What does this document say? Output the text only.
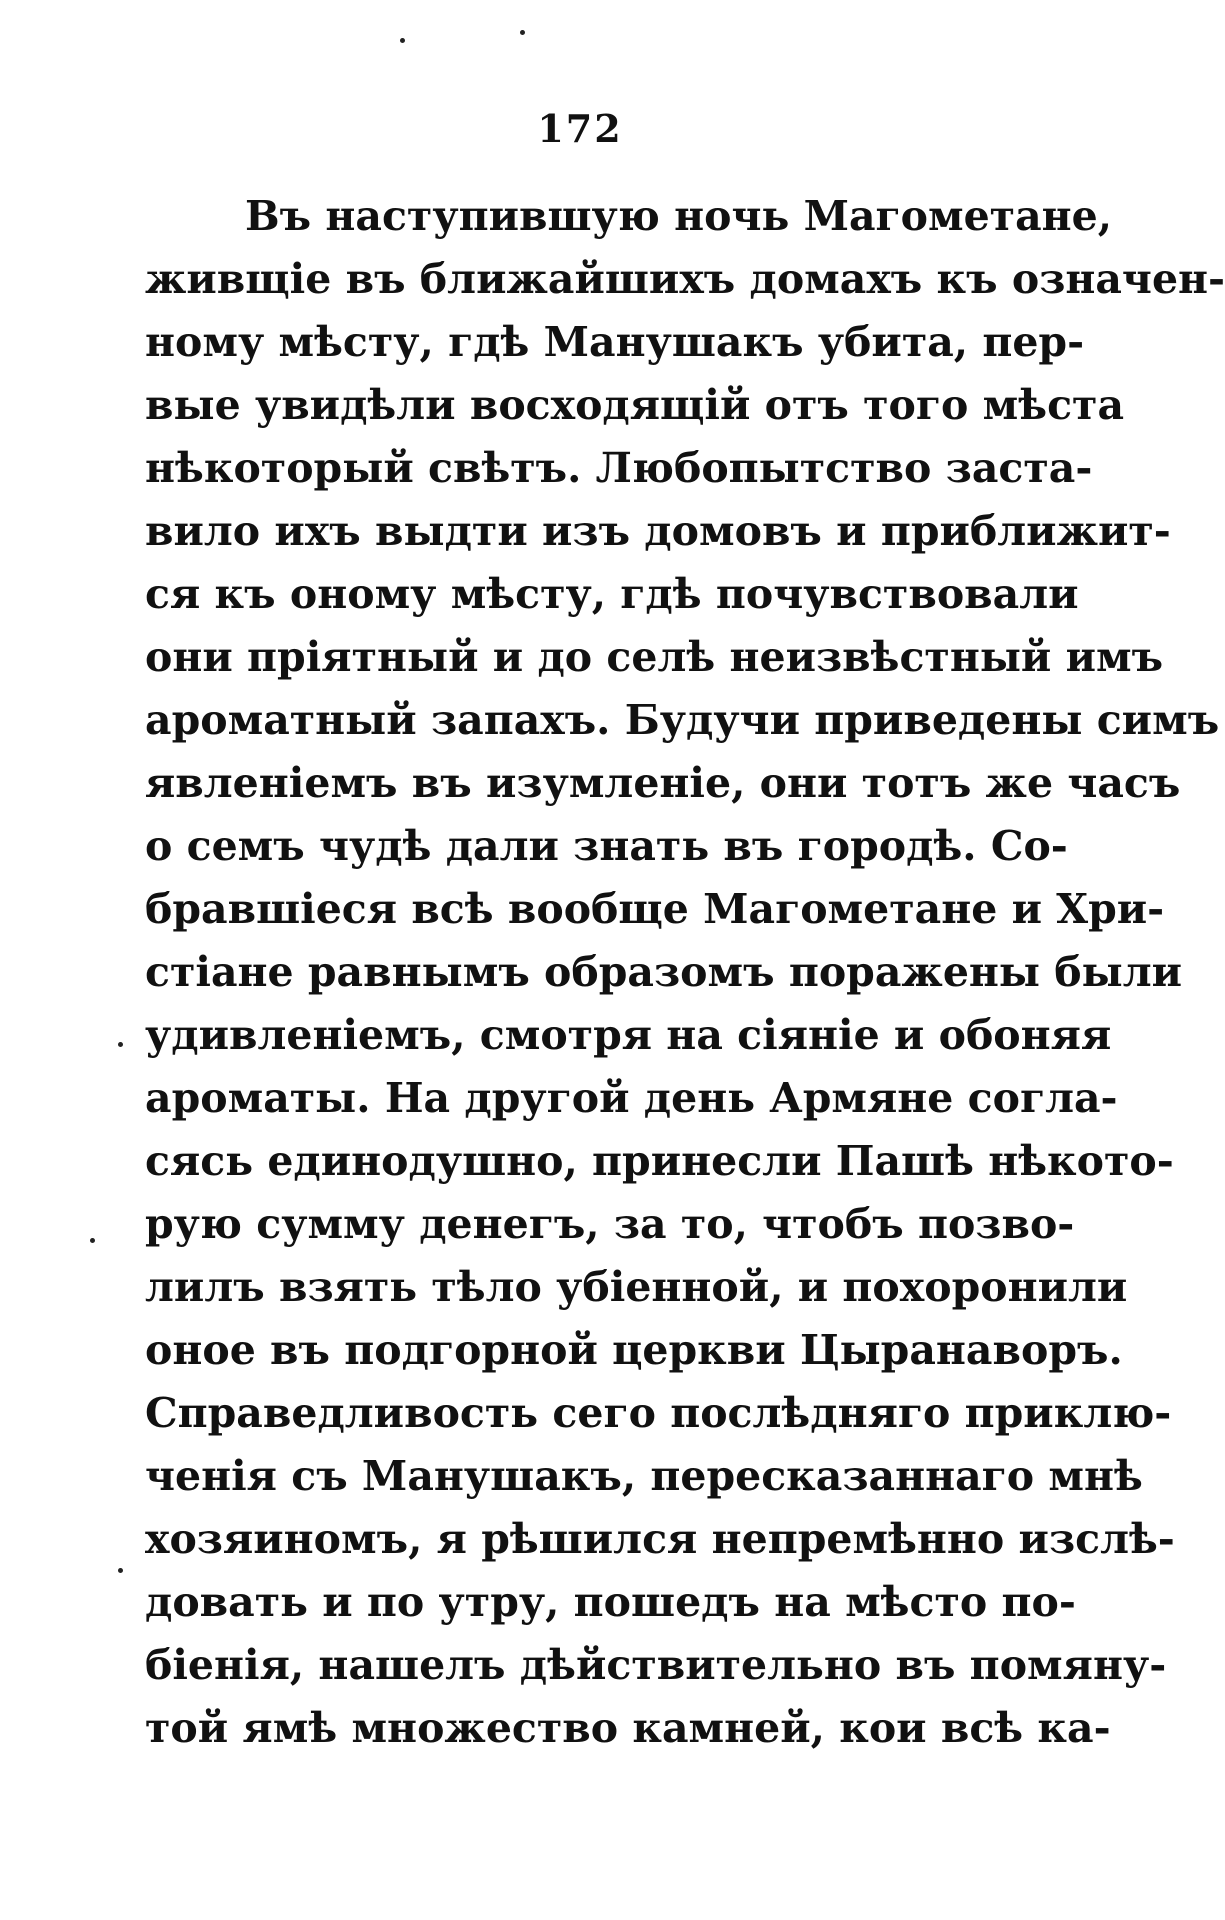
172
Въ наступившую ночь Магометане,
живщіе въ ближайшихъ домахъ къ означен-
ному мѣсту, гдѣ Манушакъ убита, пер-
вые увидѣли восходящій отъ того мѣста
нѣкоторый свѣтъ. Любопытство заста-
вило ихъ выдти изъ домовъ и приближит-
ся къ оному мѣсту, гдѣ почувствовали
они пріятный и до селѣ неизвѣстный имъ
ароматный запахъ. Будучи приведены симъ
явленіемъ въ изумленіе, они тотъ же часъ
о семъ чудѣ дали знать въ городѣ. Со-
бравшіеся всѣ вообще Магометане и Хри-
стіане равнымъ образомъ поражены были
удивленіемъ, смотря на сіяніе и обоняя
ароматы. На другой день Армяне согла-
сясь единодушно, принесли Пашѣ нѣкото-
рую сумму денегъ, за то, чтобъ позво-
лилъ взять тѣло убіенной, и похоронили
оное въ подгорной церкви Цыранаворъ.
Справедливость сего послѣдняго приклю-
ченія съ Манушакъ, пересказаннаго мнѣ
хозяиномъ, я рѣшился непремѣнно изслѣ-
довать и по утру, пошедъ на мѣсто по-
біенія, нашелъ дѣйствительно въ помяну-
той ямѣ множество камней, кои всѣ ка-
